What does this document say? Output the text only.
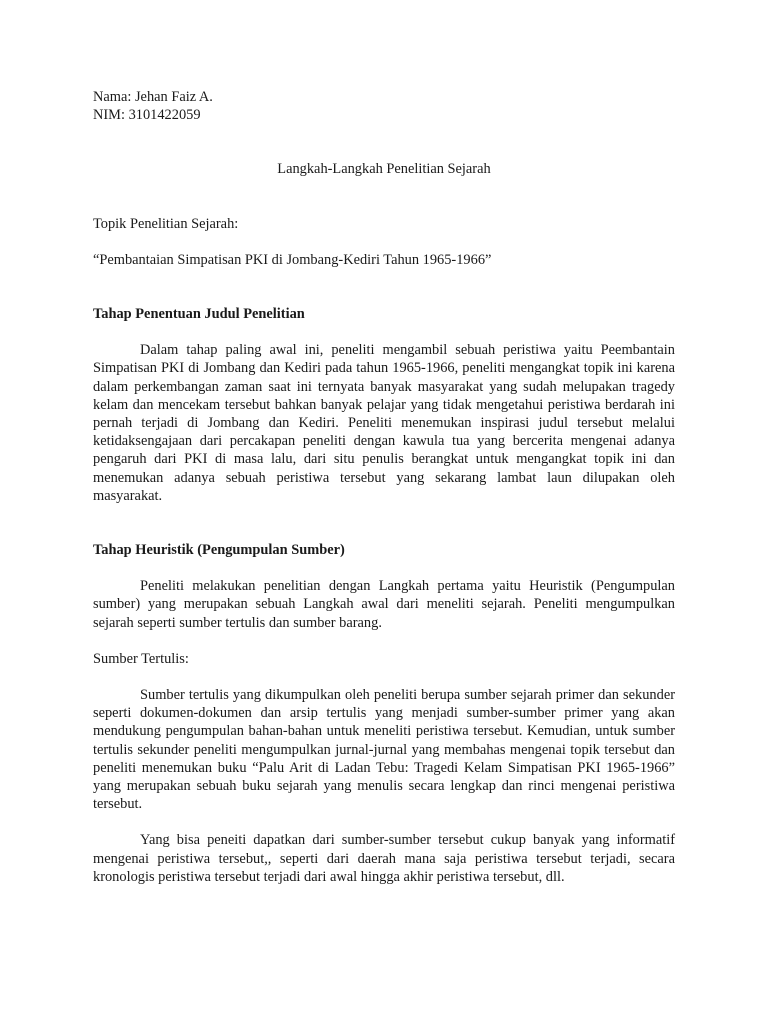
Nama: Jehan Faiz A.

NIM: 3101422059

Langkah-Langkah Penelitian Sejarah

Topik Penelitian Sejarah:

“Pembantaian Simpatisan PKI di Jombang-Kediri Tahun 1965-1966”

Tahap Penentuan Judul Penelitian

Dalam tahap paling awal ini, peneliti mengambil sebuah peristiwa yaitu Peembantain Simpatisan PKI di Jombang dan Kediri pada tahun 1965-1966, peneliti mengangkat topik ini karena dalam perkembangan zaman saat ini ternyata banyak masyarakat yang sudah melupakan tragedy kelam dan mencekam tersebut bahkan banyak pelajar yang tidak mengetahui peristiwa berdarah ini pernah terjadi di Jombang dan Kediri. Peneliti menemukan inspirasi judul tersebut melalui ketidaksengajaan dari percakapan peneliti dengan kawula tua yang bercerita mengenai adanya pengaruh dari PKI di masa lalu, dari situ penulis berangkat untuk mengangkat topik ini dan menemukan adanya sebuah peristiwa tersebut yang sekarang lambat laun dilupakan oleh masyarakat.

Tahap Heuristik (Pengumpulan Sumber)

Peneliti melakukan penelitian dengan Langkah pertama yaitu Heuristik (Pengumpulan sumber) yang merupakan sebuah Langkah awal dari meneliti sejarah. Peneliti mengumpulkan sejarah seperti sumber tertulis dan sumber barang.

Sumber Tertulis:

Sumber tertulis yang dikumpulkan oleh peneliti berupa sumber sejarah primer dan sekunder seperti dokumen-dokumen dan arsip tertulis yang menjadi sumber-sumber primer yang akan mendukung pengumpulan bahan-bahan untuk meneliti peristiwa tersebut. Kemudian, untuk sumber tertulis sekunder peneliti mengumpulkan jurnal-jurnal yang membahas mengenai topik tersebut dan peneliti menemukan buku “Palu Arit di Ladan Tebu: Tragedi Kelam Simpatisan PKI 1965-1966” yang merupakan sebuah buku sejarah yang menulis secara lengkap dan rinci mengenai peristiwa tersebut.

Yang bisa peneiti dapatkan dari sumber-sumber tersebut cukup banyak yang informatif mengenai peristiwa tersebut,, seperti dari daerah mana saja peristiwa tersebut terjadi, secara kronologis peristiwa tersebut terjadi dari awal hingga akhir peristiwa tersebut, dll.
